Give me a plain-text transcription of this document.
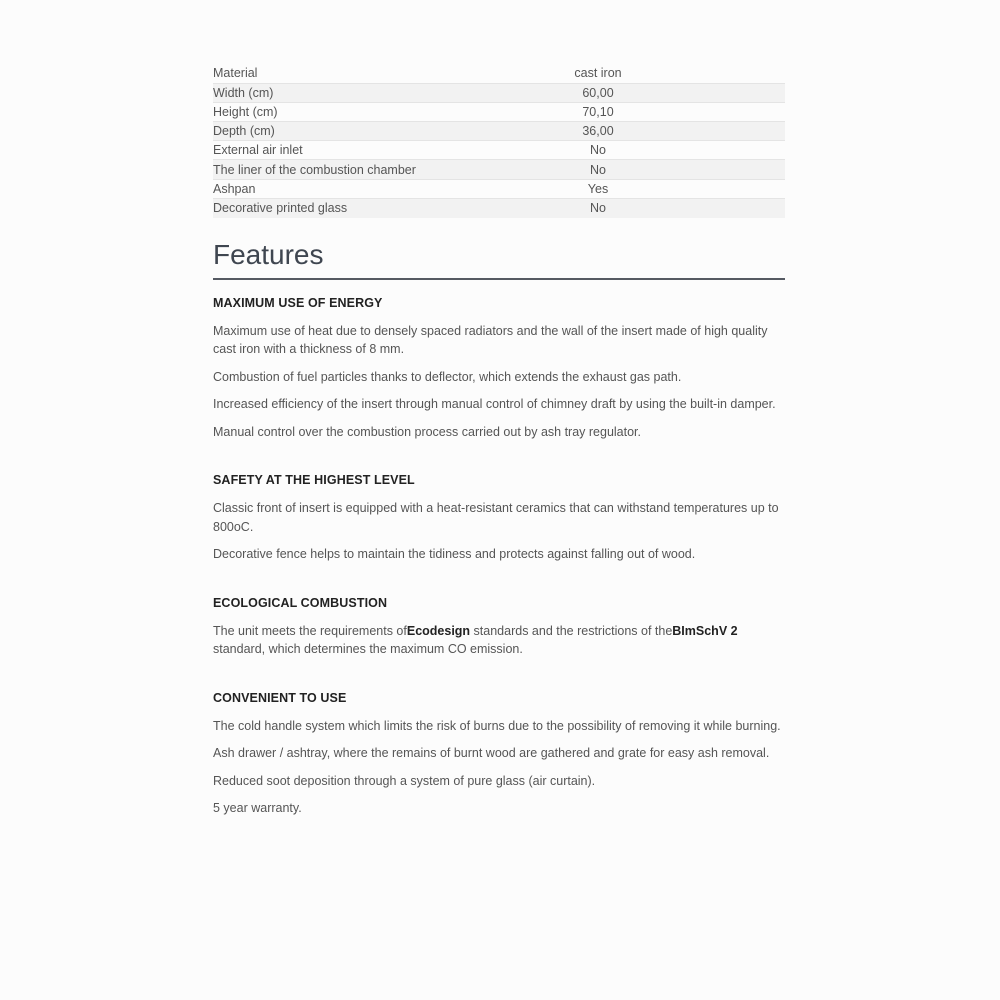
Material	cast iron
Width (cm)	60,00
Height (cm)	70,10
Depth (cm)	36,00
External air inlet	No
The liner of the combustion chamber	No
Ashpan	Yes
Decorative printed glass	No
Features
MAXIMUM USE OF ENERGY

Maximum use of heat due to densely spaced radiators and the wall of the insert made of high quality cast iron with a thickness of 8 mm.

Combustion of fuel particles thanks to deflector, which extends the exhaust gas path.

Increased efficiency of the insert through manual control of chimney draft by using the built-in damper.

Manual control over the combustion process carried out by ash tray regulator.

SAFETY AT THE HIGHEST LEVEL

Classic front of insert is equipped with a heat-resistant ceramics that can withstand temperatures up to 800oC.

Decorative fence helps to maintain the tidiness and protects against falling out of wood.

ECOLOGICAL COMBUSTION

The unit meets the requirements ofEcodesign standards and the restrictions of theBImSchV 2 standard, which determines the maximum CO emission.

CONVENIENT TO USE

The cold handle system which limits the risk of burns due to the possibility of removing it while burning.

Ash drawer / ashtray, where the remains of burnt wood are gathered and grate for easy ash removal.

Reduced soot deposition through a system of pure glass (air curtain).

5 year warranty.
